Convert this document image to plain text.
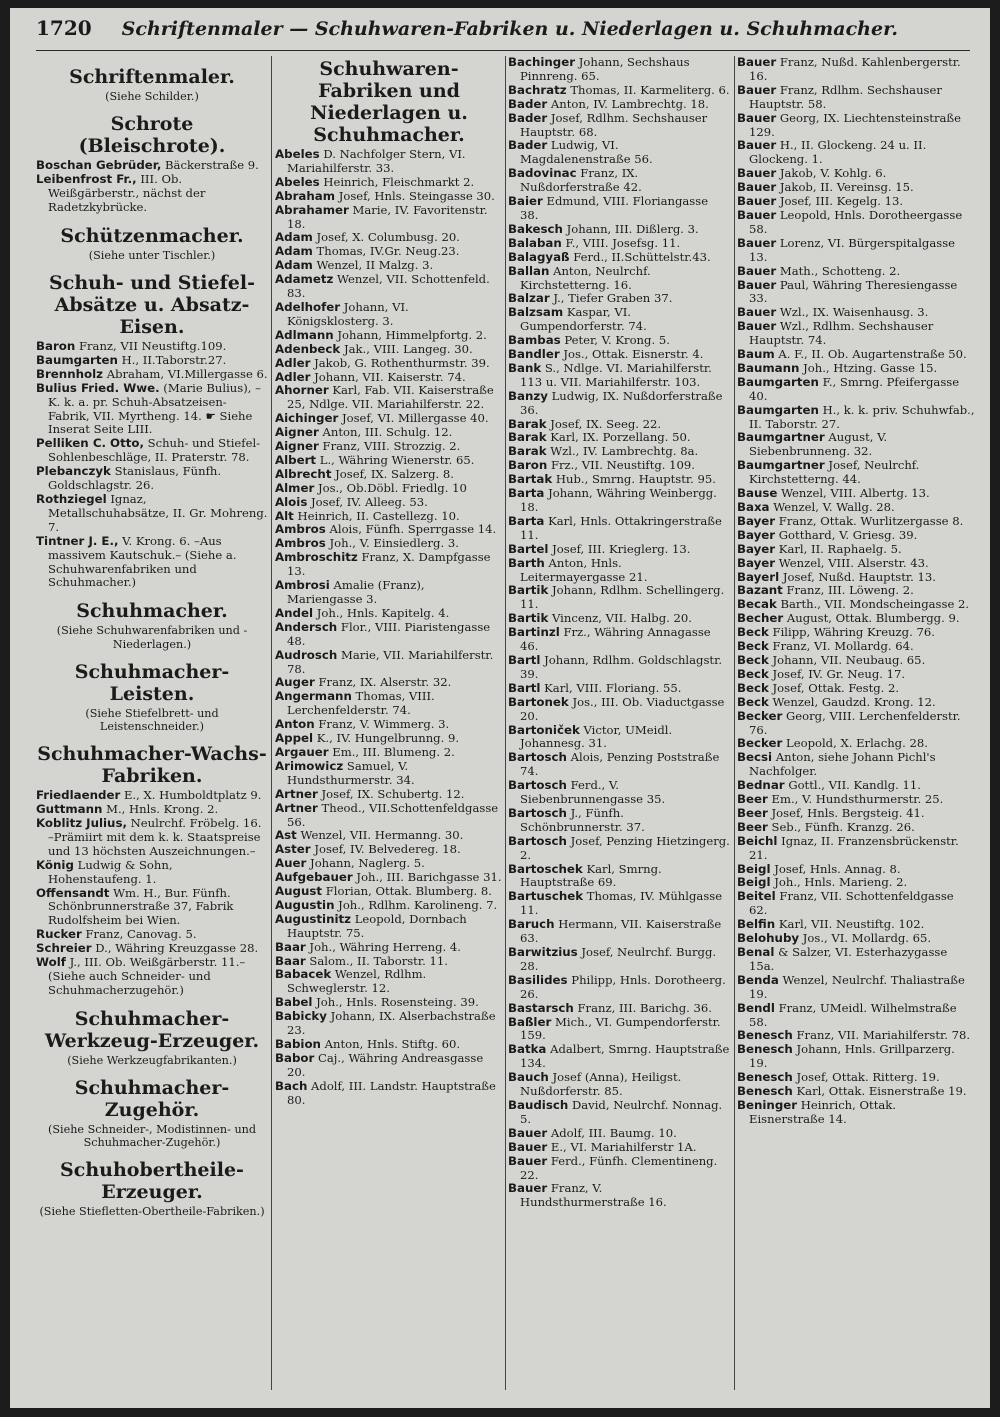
1720 Schriftenmaler — Schuhwaren-Fabriken u. Niederlagen u. Schuhmacher.
Schriftenmaler.
(Siehe Schilder.)
Schrote (Bleischrote).

Boschan Gebrüder, Bäckerstraße 9.

Leibenfrost Fr., III. Ob. Weißgärberstr., nächst der Radetzkybrücke.

Schützenmacher.
(Siehe unter Tischler.)
Schuh- und Stiefel-Absätze u. Absatz-Eisen.

Baron Franz, VII Neustiftg.109.

Baumgarten H., II.Taborstr.27.

Brennholz Abraham, VI.Millergasse 6.

Bulius Fried. Wwe. (Marie Bulius), –K. k. a. pr. Schuh-Absatzeisen-Fabrik, VII. Myrtheng. 14. ☛ Siehe Inserat Seite LIII.

Pelliken C. Otto, Schuh- und Stiefel-Sohlenbeschläge, II. Praterstr. 78.

Plebanczyk Stanislaus, Fünfh. Goldschlagstr. 26.

Rothziegel Ignaz, Metallschuhabsätze, II. Gr. Mohreng. 7.

Tintner J. E., V. Krong. 6. –Aus massivem Kautschuk.– (Siehe a. Schuhwarenfabriken und Schuhmacher.)

Schuhmacher.
(Siehe Schuhwarenfabriken und -Niederlagen.)
Schuhmacher-Leisten.
(Siehe Stiefelbrett- und Leistenschneider.)
Schuhmacher-Wachs-Fabriken.

Friedlaender E., X. Humboldtplatz 9.

Guttmann M., Hnls. Krong. 2.

Koblitz Julius, Neulrchf. Fröbelg. 16. –Prämiirt mit dem k. k. Staatspreise und 13 höchsten Auszeichnungen.–

König Ludwig & Sohn, Hohenstaufeng. 1.

Offensandt Wm. H., Bur. Fünfh. Schönbrunnerstraße 37, Fabrik Rudolfsheim bei Wien.

Rucker Franz, Canovag. 5.

Schreier D., Währing Kreuzgasse 28.

Wolf J., III. Ob. Weißgärberstr. 11.– (Siehe auch Schneider- und Schuhmacherzugehör.)

Schuhmacher-Werkzeug-Erzeuger.
(Siehe Werkzeugfabrikanten.)
Schuhmacher-Zugehör.
(Siehe Schneider-, Modistinnen- und Schuhmacher-Zugehör.)
Schuhobertheile-Erzeuger.
(Siehe Stiefletten-Obertheile-Fabriken.)
Schuhwaren-Fabriken und Niederlagen u. Schuhmacher.

Abeles D. Nachfolger Stern, VI. Mariahilferstr. 33.

Abeles Heinrich, Fleischmarkt 2.

Abraham Josef, Hnls. Steingasse 30.

Abrahamer Marie, IV. Favoritenstr. 18.

Adam Josef, X. Columbusg. 20.

Adam Thomas, IV.Gr. Neug.23.

Adam Wenzel, II Malzg. 3.

Adametz Wenzel, VII. Schottenfeld. 83.

Adelhofer Johann, VI. Königsklosterg. 3.

Adlmann Johann, Himmelpfortg. 2.

Adenbeck Jak., VIII. Langeg. 30.

Adler Jakob, G. Rothenthurmstr. 39.

Adler Johann, VII. Kaiserstr. 74.

Ahorner Karl, Fab. VII. Kaiserstraße 25, Ndlge. VII. Mariahilferstr. 22.

Aichinger Josef, VI. Millergasse 40.

Aigner Anton, III. Schulg. 12.

Aigner Franz, VIII. Strozzig. 2.

Albert L., Währing Wienerstr. 65.

Albrecht Josef, IX. Salzerg. 8.

Almer Jos., Ob.Döbl. Friedlg. 10

Alois Josef, IV. Alleeg. 53.

Alt Heinrich, II. Castellezg. 10.

Ambros Alois, Fünfh. Sperrgasse 14.

Ambros Joh., V. Einsiedlerg. 3.

Ambroschitz Franz, X. Dampfgasse 13.

Ambrosi Amalie (Franz), Mariengasse 3.

Andel Joh., Hnls. Kapitelg. 4.

Andersch Flor., VIII. Piaristengasse 48.

Audrosch Marie, VII. Mariahilferstr. 78.

Auger Franz, IX. Alserstr. 32.

Angermann Thomas, VIII. Lerchenfelderstr. 74.

Anton Franz, V. Wimmerg. 3.

Appel K., IV. Hungelbrunng. 9.

Argauer Em., III. Blumeng. 2.

Arimowicz Samuel, V. Hundsthurmerstr. 34.

Artner Josef, IX. Schubertg. 12.

Artner Theod., VII.Schottenfeldgasse 56.

Ast Wenzel, VII. Hermanng. 30.

Aster Josef, IV. Belvedereg. 18.

Auer Johann, Naglerg. 5.

Aufgebauer Joh., III. Barichgasse 31.

August Florian, Ottak. Blumberg. 8.

Augustin Joh., Rdlhm. Karolineng. 7.

Augustinitz Leopold, Dornbach Hauptstr. 75.

Baar Joh., Währing Herreng. 4.

Baar Salom., II. Taborstr. 11.

Babacek Wenzel, Rdlhm. Schweglerstr. 12.

Babel Joh., Hnls. Rosensteing. 39.

Babicky Johann, IX. Alserbachstraße 23.

Babion Anton, Hnls. Stiftg. 60.

Babor Caj., Währing Andreasgasse 20.

Bach Adolf, III. Landstr. Hauptstraße 80.

Bachinger Johann, Sechshaus Pinnreng. 65.

Bachratz Thomas, II. Karmeliterg. 6.

Bader Anton, IV. Lambrechtg. 18.

Bader Josef, Rdlhm. Sechshauser Hauptstr. 68.

Bader Ludwig, VI. Magdalenenstraße 56.

Badovinac Franz, IX. Nußdorferstraße 42.

Baier Edmund, VIII. Floriangasse 38.

Bakesch Johann, III. Dißlerg. 3.

Balaban F., VIII. Josefsg. 11.

Balagyaß Ferd., II.Schüttelstr.43.

Ballan Anton, Neulrchf. Kirchstetterng. 16.

Balzar J., Tiefer Graben 37.

Balzsam Kaspar, VI. Gumpendorferstr. 74.

Bambas Peter, V. Krong. 5.

Bandler Jos., Ottak. Eisnerstr. 4.

Bank S., Ndlge. VI. Mariahilferstr. 113 u. VII. Mariahilferstr. 103.

Banzy Ludwig, IX. Nußdorferstraße 36.

Barak Josef, IX. Seeg. 22.

Barak Karl, IX. Porzellang. 50.

Barak Wzl., IV. Lambrechtg. 8a.

Baron Frz., VII. Neustiftg. 109.

Bartak Hub., Smrng. Hauptstr. 95.

Barta Johann, Währing Weinbergg. 18.

Barta Karl, Hnls. Ottakringerstraße 11.

Bartel Josef, III. Krieglerg. 13.

Barth Anton, Hnls. Leitermayergasse 21.

Bartik Johann, Rdlhm. Schellingerg. 11.

Bartik Vincenz, VII. Halbg. 20.

Bartinzl Frz., Währing Annagasse 46.

Bartl Johann, Rdlhm. Goldschlagstr. 39.

Bartl Karl, VIII. Floriang. 55.

Bartonek Jos., III. Ob. Viaductgasse 20.

Bartoniček Victor, UMeidl. Johannesg. 31.

Bartosch Alois, Penzing Poststraße 74.

Bartosch Ferd., V. Siebenbrunnengasse 35.

Bartosch J., Fünfh. Schönbrunnerstr. 37.

Bartosch Josef, Penzing Hietzingerg. 2.

Bartoschek Karl, Smrng. Hauptstraße 69.

Bartuschek Thomas, IV. Mühlgasse 11.

Baruch Hermann, VII. Kaiserstraße 63.

Barwitzius Josef, Neulrchf. Burgg. 28.

Basilides Philipp, Hnls. Dorotheerg. 26.

Bastarsch Franz, III. Barichg. 36.

Baßler Mich., VI. Gumpendorferstr. 159.

Batka Adalbert, Smrng. Hauptstraße 134.

Bauch Josef (Anna), Heiligst. Nußdorferstr. 85.

Baudisch David, Neulrchf. Nonnag. 5.

Bauer Adolf, III. Baumg. 10.

Bauer E., VI. Mariahilferstr 1A.

Bauer Ferd., Fünfh. Clementineng. 22.

Bauer Franz, V. Hundsthurmerstraße 16.

Bauer Franz, Nußd. Kahlenbergerstr. 16.

Bauer Franz, Rdlhm. Sechshauser Hauptstr. 58.

Bauer Georg, IX. Liechtensteinstraße 129.

Bauer H., II. Glockeng. 24 u. II. Glockeng. 1.

Bauer Jakob, V. Kohlg. 6.

Bauer Jakob, II. Vereinsg. 15.

Bauer Josef, III. Kegelg. 13.

Bauer Leopold, Hnls. Dorotheergasse 58.

Bauer Lorenz, VI. Bürgerspitalgasse 13.

Bauer Math., Schotteng. 2.

Bauer Paul, Währing Theresiengasse 33.

Bauer Wzl., IX. Waisenhausg. 3.

Bauer Wzl., Rdlhm. Sechshauser Hauptstr. 74.

Baum A. F., II. Ob. Augartenstraße 50.

Baumann Joh., Htzing. Gasse 15.

Baumgarten F., Smrng. Pfeifergasse 40.

Baumgarten H., k. k. priv. Schuhwfab., II. Taborstr. 27.

Baumgartner August, V. Siebenbrunneng. 32.

Baumgartner Josef, Neulrchf. Kirchstetterng. 44.

Bause Wenzel, VIII. Albertg. 13.

Baxa Wenzel, V. Wallg. 28.

Bayer Franz, Ottak. Wurlitzergasse 8.

Bayer Gotthard, V. Griesg. 39.

Bayer Karl, II. Raphaelg. 5.

Bayer Wenzel, VIII. Alserstr. 43.

Bayerl Josef, Nußd. Hauptstr. 13.

Bazant Franz, III. Löweng. 2.

Becak Barth., VII. Mondscheingasse 2.

Becher August, Ottak. Blumbergg. 9.

Beck Filipp, Währing Kreuzg. 76.

Beck Franz, VI. Mollardg. 64.

Beck Johann, VII. Neubaug. 65.

Beck Josef, IV. Gr. Neug. 17.

Beck Josef, Ottak. Festg. 2.

Beck Wenzel, Gaudzd. Krong. 12.

Becker Georg, VIII. Lerchenfelderstr. 76.

Becker Leopold, X. Erlachg. 28.

Becsi Anton, siehe Johann Pichl's Nachfolger.

Bednar Gottl., VII. Kandlg. 11.

Beer Em., V. Hundsthurmerstr. 25.

Beer Josef, Hnls. Bergsteig. 41.

Beer Seb., Fünfh. Kranzg. 26.

Beichl Ignaz, II. Franzensbrückenstr. 21.

Beigl Josef, Hnls. Annag. 8.

Beigl Joh., Hnls. Marieng. 2.

Beitel Franz, VII. Schottenfeldgasse 62.

Belfin Karl, VII. Neustiftg. 102.

Belohuby Jos., VI. Mollardg. 65.

Benal & Salzer, VI. Esterhazygasse 15a.

Benda Wenzel, Neulrchf. Thaliastraße 19.

Bendl Franz, UMeidl. Wilhelmstraße 58.

Benesch Franz, VII. Mariahilferstr. 78.

Benesch Johann, Hnls. Grillparzerg. 19.

Benesch Josef, Ottak. Ritterg. 19.

Benesch Karl, Ottak. Eisnerstraße 19.

Beninger Heinrich, Ottak. Eisnerstraße 14.
